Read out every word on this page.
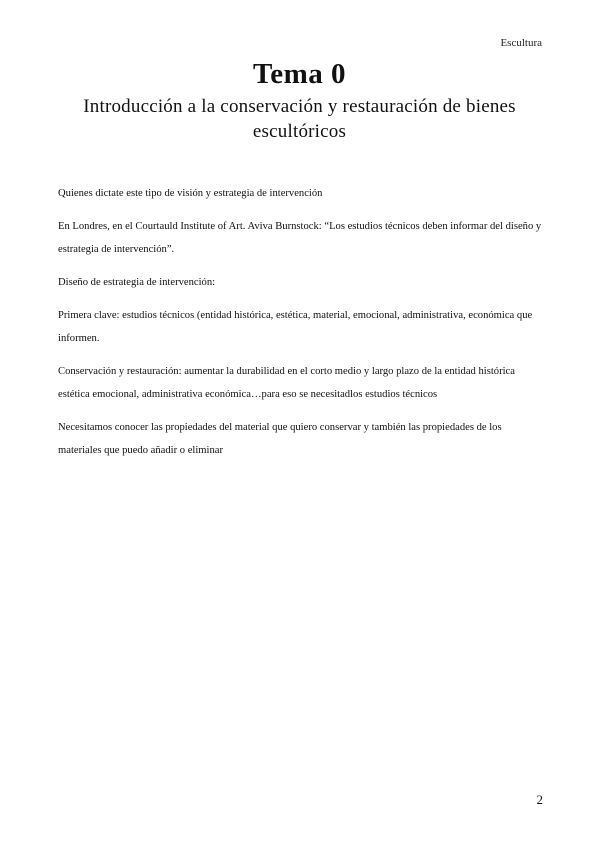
Escultura
Tema 0
Introducción a la conservación y restauración de bienes escultóricos

Quienes dictate este tipo de visión y estrategia de intervención

En Londres, en el Courtauld Institute of Art. Aviva Burnstock: “Los estudios técnicos deben informar del diseño y estrategia de intervención”.

Diseño de estrategia de intervención:

Primera clave: estudios técnicos (entidad histórica, estética, material, emocional, administrativa, económica que informen.

Conservación y restauración: aumentar la durabilidad en el corto medio y largo plazo de la entidad histórica estética emocional, administrativa económica…para eso se necesitadlos estudios técnicos

Necesitamos conocer las propiedades del material que quiero conservar y también las propiedades de los materiales que puedo añadir o eliminar

2
